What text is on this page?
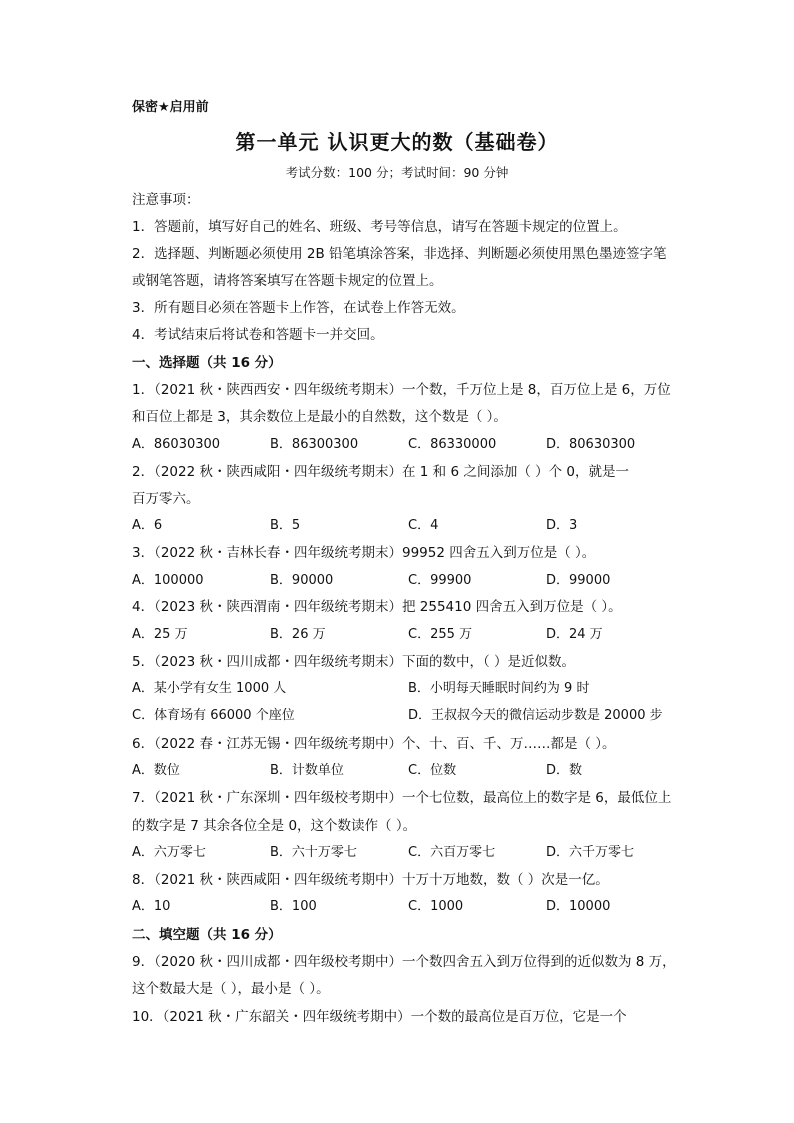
保密★启用前
第一单元 认识更大的数（基础卷）
考试分数：100 分；考试时间：90 分钟
注意事项：
1．答题前，填写好自己的姓名、班级、考号等信息，请写在答题卡规定的位置上。
2．选择题、判断题必须使用 2B 铅笔填涂答案，非选择、判断题必须使用黑色墨迹签字笔
或钢笔答题，请将答案填写在答题卡规定的位置上。
3．所有题目必须在答题卡上作答，在试卷上作答无效。
4．考试结束后将试卷和答题卡一并交回。
一、选择题（共 16 分）
1．（2021 秋・陕西西安・四年级统考期末）一个数，千万位上是 8，百万位上是 6，万位
和百位上都是 3，其余数位上是最小的自然数，这个数是（ ）。
A．86030300	B．86300300	C．86330000	D．80630300
2．（2022 秋・陕西咸阳・四年级统考期末）在 1 和 6 之间添加（ ）个 0，就是一
百万零六。
A．6	B．5	C．4	D．3
3．（2022 秋・吉林长春・四年级统考期末）99952 四舍五入到万位是（ ）。
A．100000	B．90000	C．99900	D．99000
4．（2023 秋・陕西渭南・四年级统考期末）把 255410 四舍五入到万位是（ ）。
A．25 万	B．26 万	C．255 万	D．24 万
5．（2023 秋・四川成都・四年级统考期末）下面的数中，（ ）是近似数。
A．某小学有女生 1000 人	B．小明每天睡眠时间约为 9 时
C．体育场有 66000 个座位	D．王叔叔今天的微信运动步数是 20000 步
6．（2022 春・江苏无锡・四年级统考期中）个、十、百、千、万……都是（ ）。
A．数位	B．计数单位	C．位数	D．数
7．（2021 秋・广东深圳・四年级校考期中）一个七位数，最高位上的数字是 6，最低位上
的数字是 7 其余各位全是 0，这个数读作（ ）。
A．六万零七	B．六十万零七	C．六百万零七	D．六千万零七
8．（2021 秋・陕西咸阳・四年级统考期中）十万十万地数，数（ ）次是一亿。
A．10	B．100	C．1000	D．10000
二、填空题（共 16 分）
9．（2020 秋・四川成都・四年级校考期中）一个数四舍五入到万位得到的近似数为 8 万，
这个数最大是（ ），最小是（ ）。
10．（2021 秋・广东韶关・四年级统考期中）一个数的最高位是百万位，它是一个
